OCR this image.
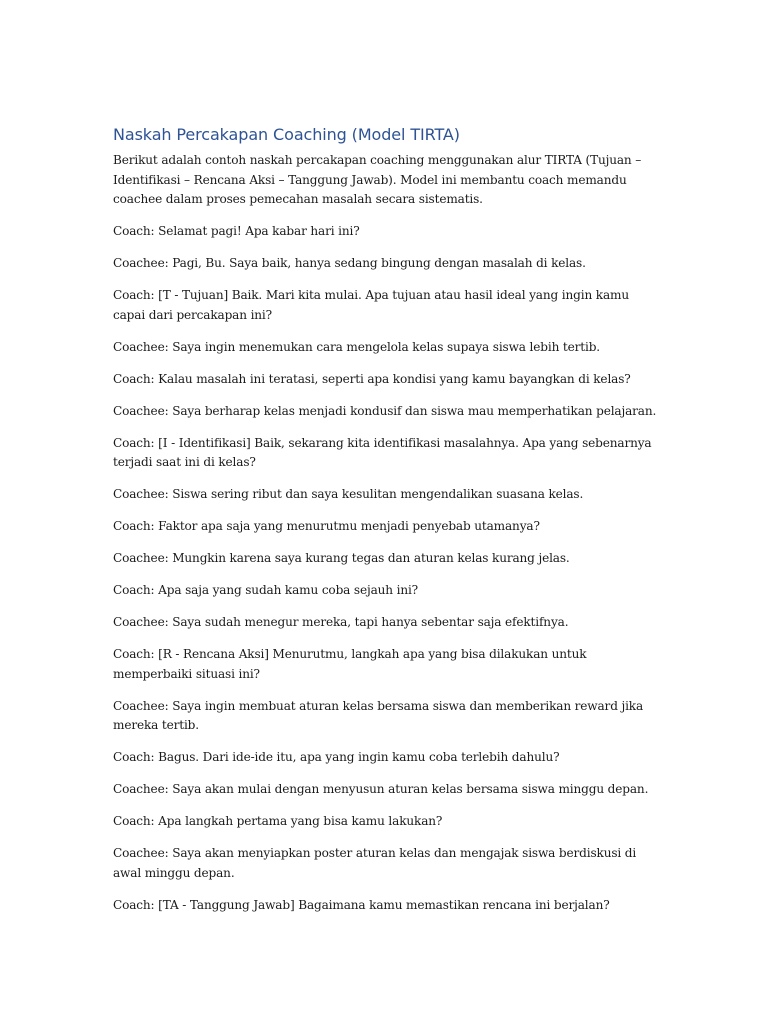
Naskah Percakapan Coaching (Model TIRTA)

Berikut adalah contoh naskah percakapan coaching menggunakan alur TIRTA (Tujuan – Identifikasi – Rencana Aksi – Tanggung Jawab). Model ini membantu coach memandu coachee dalam proses pemecahan masalah secara sistematis.

Coach: Selamat pagi! Apa kabar hari ini?

Coachee: Pagi, Bu. Saya baik, hanya sedang bingung dengan masalah di kelas.

Coach: [T - Tujuan] Baik. Mari kita mulai. Apa tujuan atau hasil ideal yang ingin kamu capai dari percakapan ini?

Coachee: Saya ingin menemukan cara mengelola kelas supaya siswa lebih tertib.

Coach: Kalau masalah ini teratasi, seperti apa kondisi yang kamu bayangkan di kelas?

Coachee: Saya berharap kelas menjadi kondusif dan siswa mau memperhatikan pelajaran.

Coach: [I - Identifikasi] Baik, sekarang kita identifikasi masalahnya. Apa yang sebenarnya terjadi saat ini di kelas?

Coachee: Siswa sering ribut dan saya kesulitan mengendalikan suasana kelas.

Coach: Faktor apa saja yang menurutmu menjadi penyebab utamanya?

Coachee: Mungkin karena saya kurang tegas dan aturan kelas kurang jelas.

Coach: Apa saja yang sudah kamu coba sejauh ini?

Coachee: Saya sudah menegur mereka, tapi hanya sebentar saja efektifnya.

Coach: [R - Rencana Aksi] Menurutmu, langkah apa yang bisa dilakukan untuk memperbaiki situasi ini?

Coachee: Saya ingin membuat aturan kelas bersama siswa dan memberikan reward jika mereka tertib.

Coach: Bagus. Dari ide-ide itu, apa yang ingin kamu coba terlebih dahulu?

Coachee: Saya akan mulai dengan menyusun aturan kelas bersama siswa minggu depan.

Coach: Apa langkah pertama yang bisa kamu lakukan?

Coachee: Saya akan menyiapkan poster aturan kelas dan mengajak siswa berdiskusi di awal minggu depan.

Coach: [TA - Tanggung Jawab] Bagaimana kamu memastikan rencana ini berjalan?
